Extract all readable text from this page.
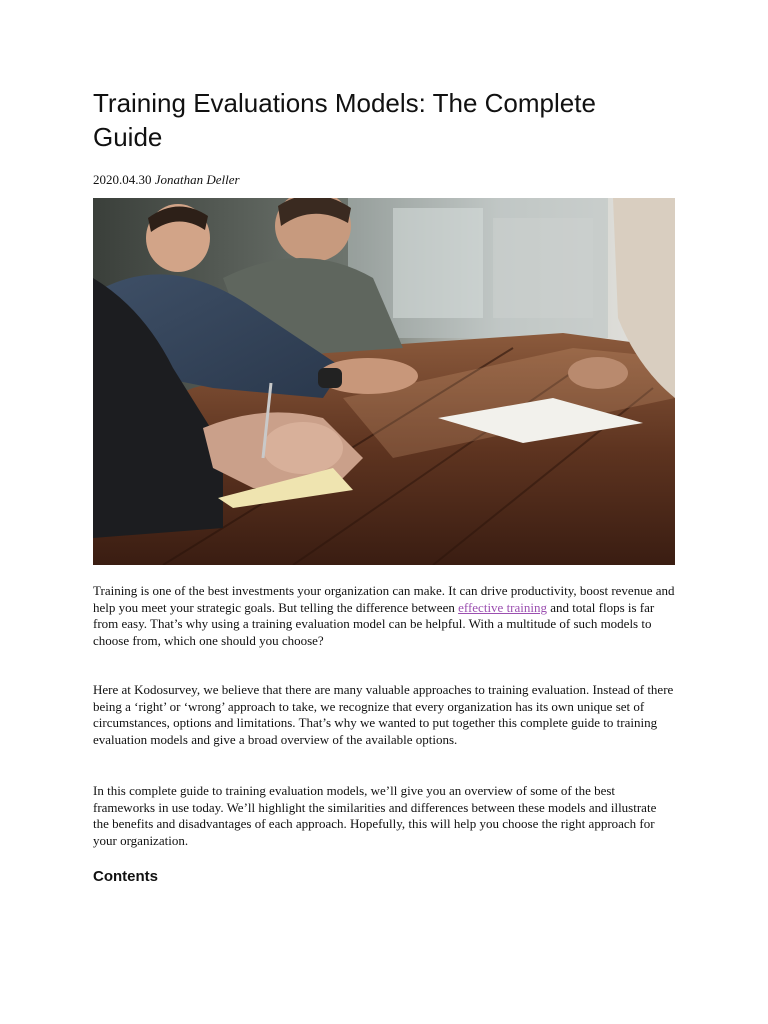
Training Evaluations Models: The Complete Guide
2020.04.30 Jonathan Deller

Training is one of the best investments your organization can make. It can drive productivity, boost revenue and help you meet your strategic goals. But telling the difference between effective training and total flops is far from easy. That’s why using a training evaluation model can be helpful. With a multitude of such models to choose from, which one should you choose?

Here at Kodosurvey, we believe that there are many valuable approaches to training evaluation. Instead of there being a ‘right’ or ‘wrong’ approach to take, we recognize that every organization has its own unique set of circumstances, options and limitations. That’s why we wanted to put together this complete guide to training evaluation models and give a broad overview of the available options.

In this complete guide to training evaluation models, we’ll give you an overview of some of the best frameworks in use today. We’ll highlight the similarities and differences between these models and illustrate the benefits and disadvantages of each approach. Hopefully, this will help you choose the right approach for your organization.

Contents
